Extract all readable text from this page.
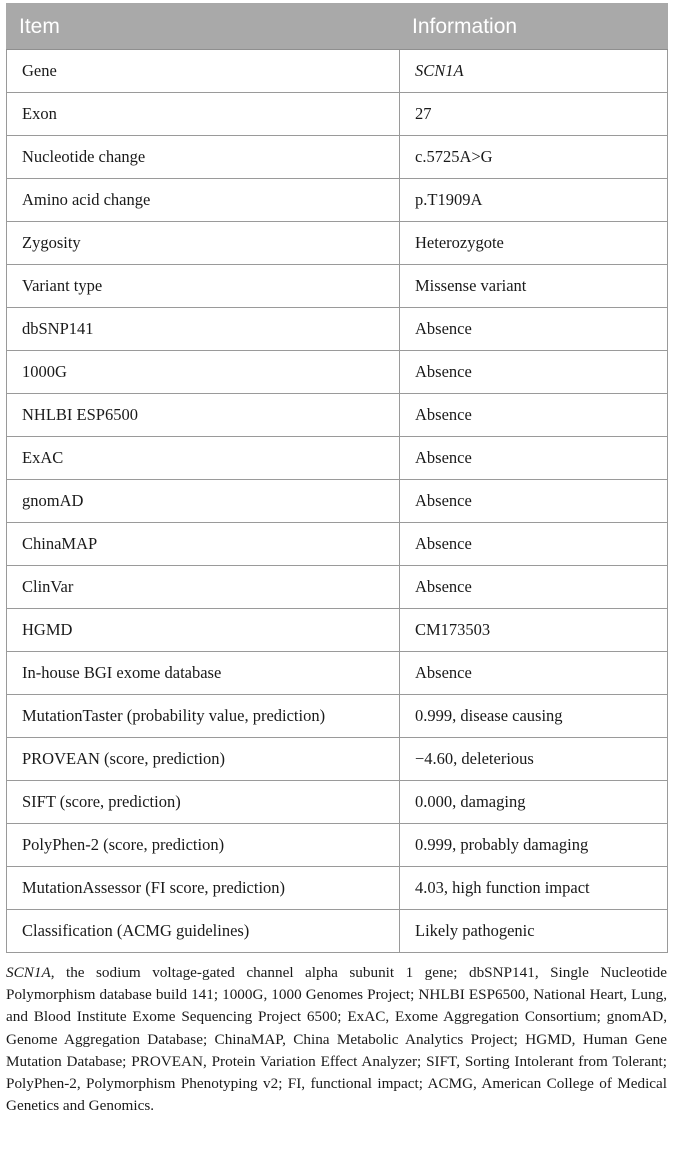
Item	Information
Gene	SCN1A
Exon	27
Nucleotide change	c.5725A>G
Amino acid change	p.T1909A
Zygosity	Heterozygote
Variant type	Missense variant
dbSNP141	Absence
1000G	Absence
NHLBI ESP6500	Absence
ExAC	Absence
gnomAD	Absence
ChinaMAP	Absence
ClinVar	Absence
HGMD	CM173503
In-house BGI exome database	Absence
MutationTaster (probability value, prediction)	0.999, disease causing
PROVEAN (score, prediction)	−4.60, deleterious
SIFT (score, prediction)	0.000, damaging
PolyPhen-2 (score, prediction)	0.999, probably damaging
MutationAssessor (FI score, prediction)	4.03, high function impact
Classification (ACMG guidelines)	Likely pathogenic

SCN1A, the sodium voltage-gated channel alpha subunit 1 gene; dbSNP141, Single Nucleotide Polymorphism database build 141; 1000G, 1000 Genomes Project; NHLBI ESP6500, National Heart, Lung, and Blood Institute Exome Sequencing Project 6500; ExAC, Exome Aggregation Consortium; gnomAD, Genome Aggregation Database; ChinaMAP, China Metabolic Analytics Project; HGMD, Human Gene Mutation Database; PROVEAN, Protein Variation Effect Analyzer; SIFT, Sorting Intolerant from Tolerant; PolyPhen-2, Polymorphism Phenotyping v2; FI, functional impact; ACMG, American College of Medical Genetics and Genomics.
